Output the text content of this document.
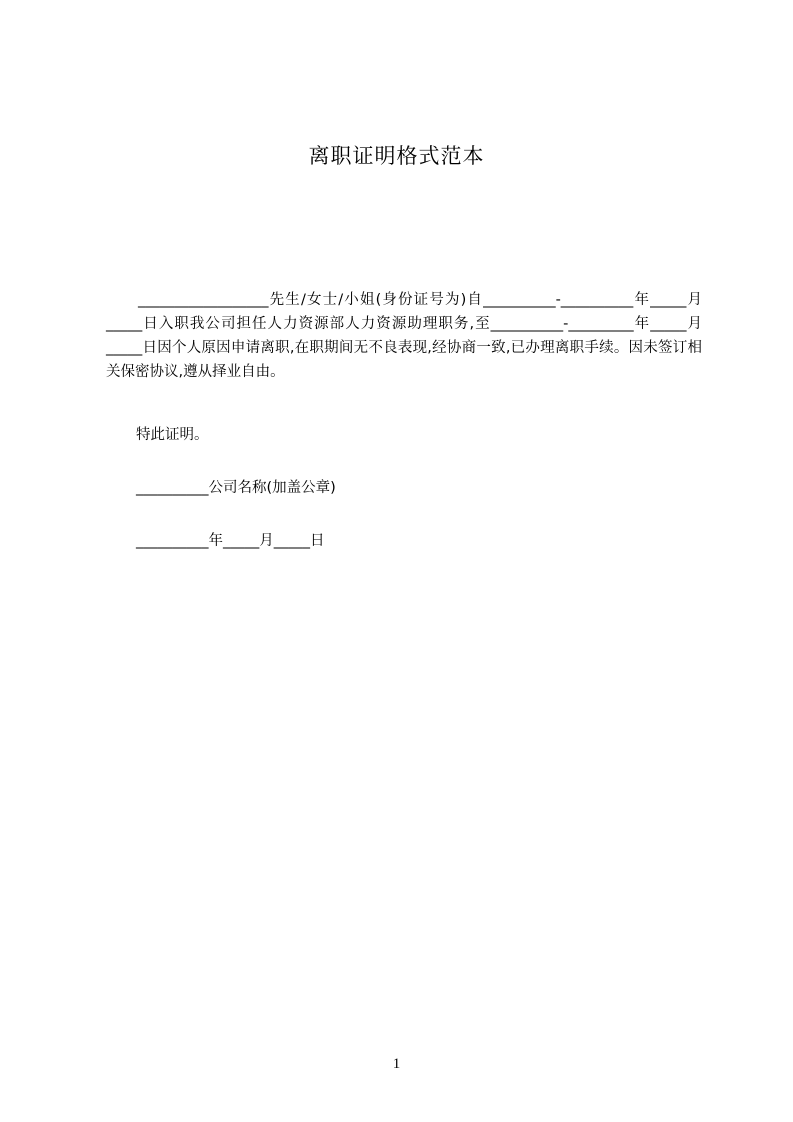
离职证明格式范本

__________________先生/女士/小姐(身份证号为)自__________-__________年_____月_____日入职我公司担任人力资源部人力资源助理职务,至__________-_________年_____月_____日因个人原因申请离职,在职期间无不良表现,经协商一致,已办理离职手续。因未签订相关保密协议,遵从择业自由。

特此证明。
__________公司名称(加盖公章)
__________年_____月_____日
1
